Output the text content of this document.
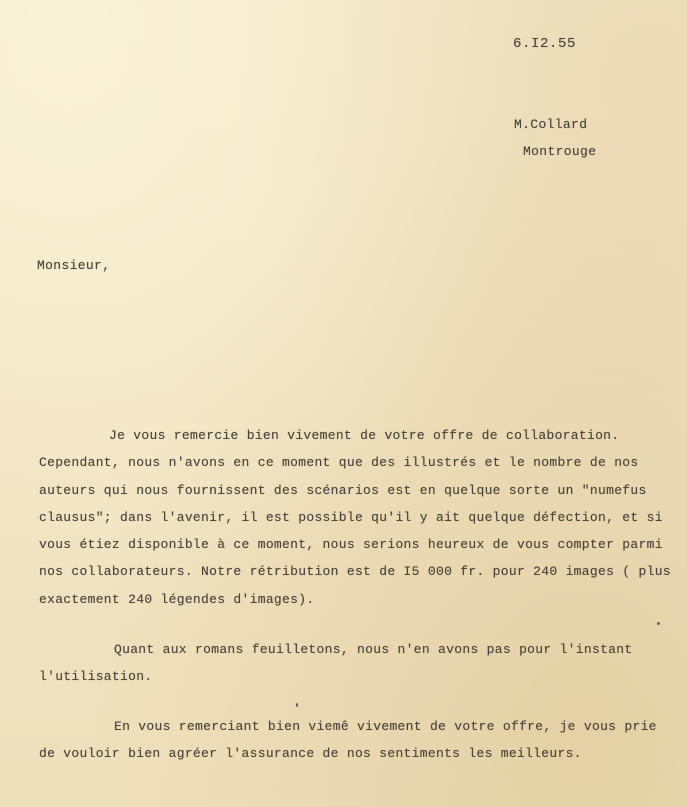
6.I2.55
M.Collard
Montrouge
Monsieur,
Je vous remercie bien vivement de votre offre de collaboration.
Cependant, nous n'avons en ce moment que des illustrés et le nombre de nos
auteurs qui nous fournissent des scénarios est en quelque sorte un "numefus
clausus"; dans l'avenir, il est possible qu'il y ait quelque défection, et si
vous étiez disponible à ce moment, nous serions heureux de vous compter parmi
nos collaborateurs. Notre rétribution est de I5 000 fr. pour 240 images ( plus
exactement 240 légendes d'images).
Quant aux romans feuilletons, nous n'en avons pas pour l'instant
l'utilisation.
En vous remerciant bien viemê vivement de votre offre, je vous prie
de vouloir bien agréer l'assurance de nos sentiments les meilleurs.
